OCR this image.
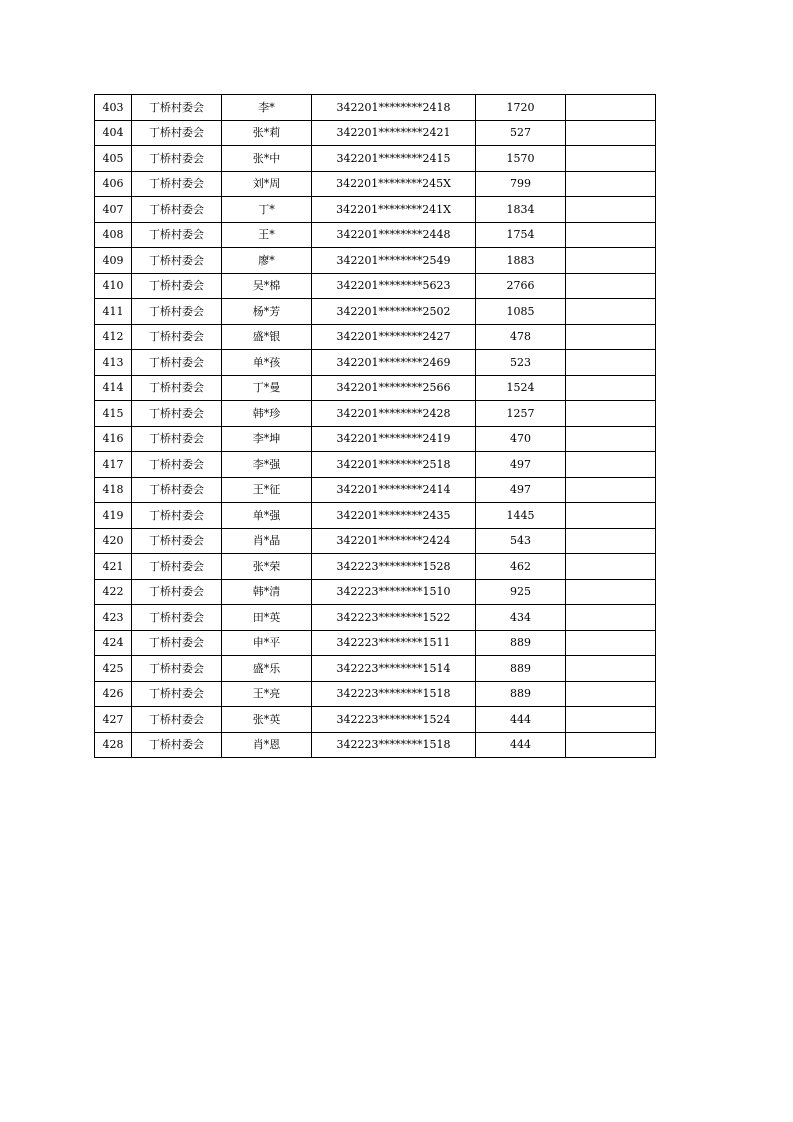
403	丁桥村委会	李*	342201********2418	1720	
404	丁桥村委会	张*莉	342201********2421	527	
405	丁桥村委会	张*中	342201********2415	1570	
406	丁桥村委会	刘*周	342201********245X	799	
407	丁桥村委会	丁*	342201********241X	1834	
408	丁桥村委会	王*	342201********2448	1754	
409	丁桥村委会	廖*	342201********2549	1883	
410	丁桥村委会	吴*棉	342201********5623	2766	
411	丁桥村委会	杨*芳	342201********2502	1085	
412	丁桥村委会	盛*银	342201********2427	478	
413	丁桥村委会	单*孩	342201********2469	523	
414	丁桥村委会	丁*曼	342201********2566	1524	
415	丁桥村委会	韩*珍	342201********2428	1257	
416	丁桥村委会	李*坤	342201********2419	470	
417	丁桥村委会	李*强	342201********2518	497	
418	丁桥村委会	王*征	342201********2414	497	
419	丁桥村委会	单*强	342201********2435	1445	
420	丁桥村委会	肖*晶	342201********2424	543	
421	丁桥村委会	张*荣	342223********1528	462	
422	丁桥村委会	韩*清	342223********1510	925	
423	丁桥村委会	田*英	342223********1522	434	
424	丁桥村委会	申*平	342223********1511	889	
425	丁桥村委会	盛*乐	342223********1514	889	
426	丁桥村委会	王*亮	342223********1518	889	
427	丁桥村委会	张*英	342223********1524	444	
428	丁桥村委会	肖*恩	342223********1518	444	
